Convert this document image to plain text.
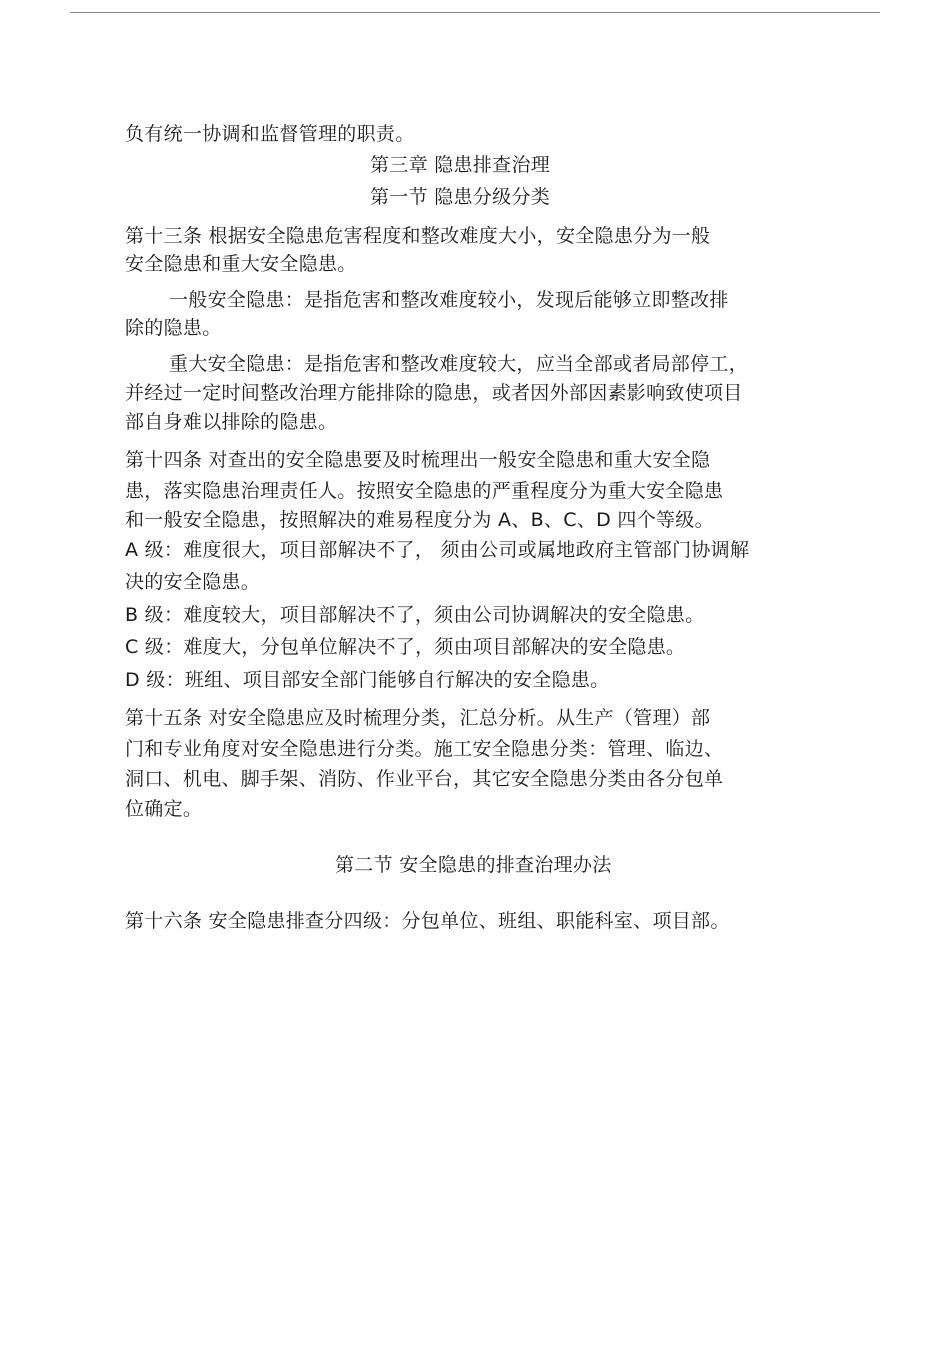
负有统一协调和监督管理的职责。
第三章 隐患排查治理
第一节 隐患分级分类
第十三条 根据安全隐患危害程度和整改难度大小，安全隐患分为一般
安全隐患和重大安全隐患。
一般安全隐患：是指危害和整改难度较小，发现后能够立即整改排
除的隐患。
重大安全隐患：是指危害和整改难度较大，应当全部或者局部停工，
并经过一定时间整改治理方能排除的隐患，或者因外部因素影响致使项目
部自身难以排除的隐患。
第十四条 对查出的安全隐患要及时梳理出一般安全隐患和重大安全隐
患，落实隐患治理责任人。按照安全隐患的严重程度分为重大安全隐患
和一般安全隐患，按照解决的难易程度分为 A、B、C、D 四个等级。
A 级：难度很大，项目部解决不了， 须由公司或属地政府主管部门协调解
决的安全隐患。
B 级：难度较大，项目部解决不了，须由公司协调解决的安全隐患。
C 级：难度大，分包单位解决不了，须由项目部解决的安全隐患。
D 级：班组、项目部安全部门能够自行解决的安全隐患。
第十五条 对安全隐患应及时梳理分类，汇总分析。从生产（管理）部
门和专业角度对安全隐患进行分类。施工安全隐患分类：管理、临边、
洞口、机电、脚手架、消防、作业平台，其它安全隐患分类由各分包单
位确定。
第二节 安全隐患的排查治理办法
第十六条 安全隐患排查分四级：分包单位、班组、职能科室、项目部。
